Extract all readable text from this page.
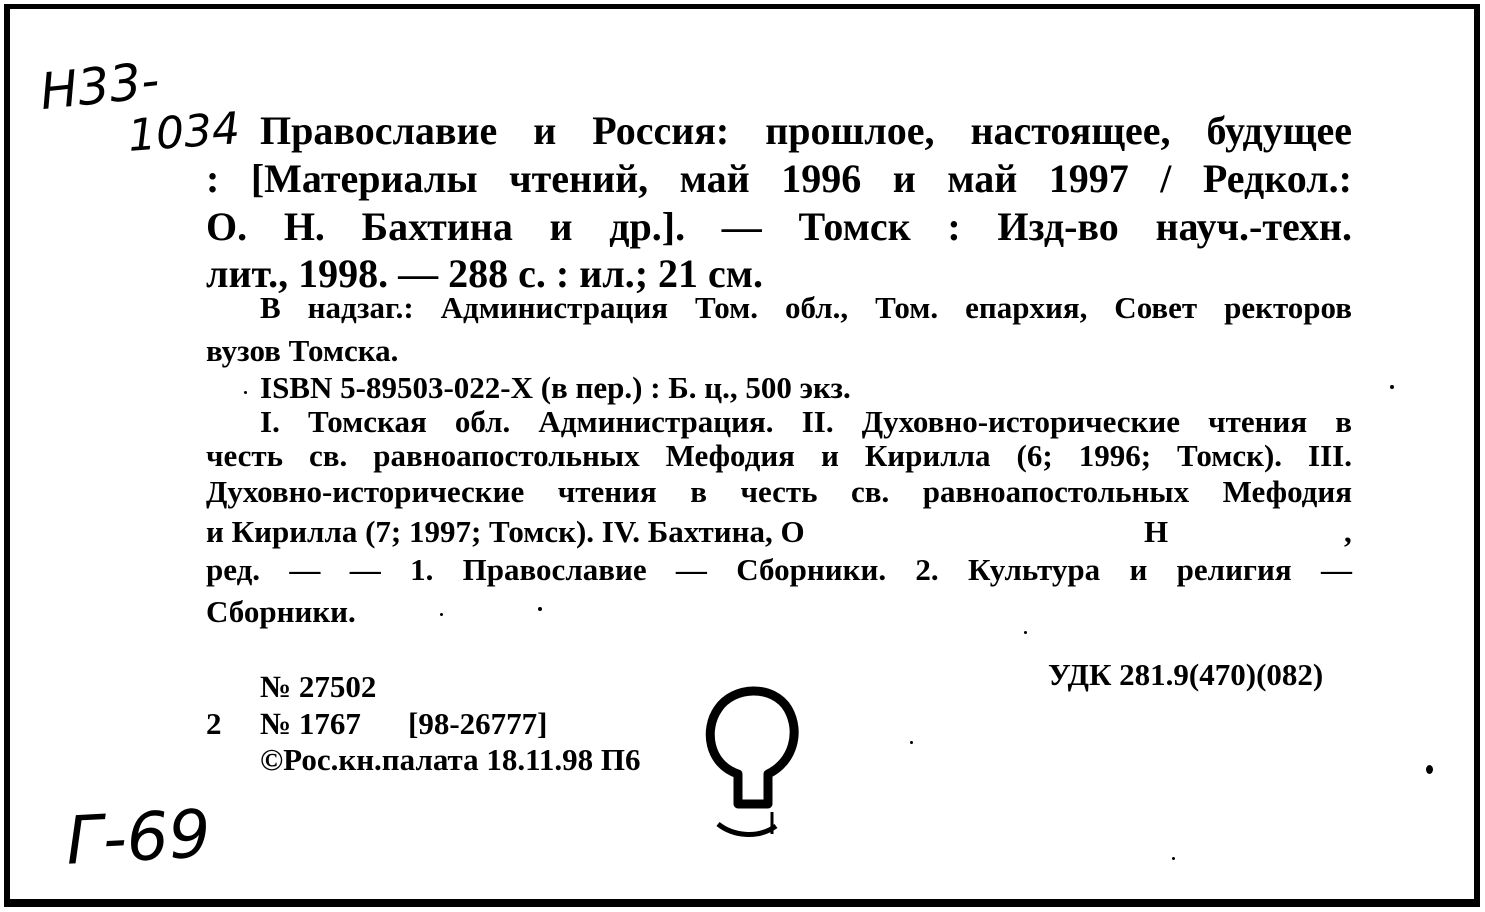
Н33-
1034 Православие и Россия: прошлое, настоящее, будущее
: [Материалы чтений, май 1996 и май 1997 / Редкол.:
О. Н. Бахтина и др.]. — Томск : Изд-во науч.-техн.
лит., 1998. — 288 с. : ил.; 21 см.
В надзаг.: Администрация Том. обл., Том. епархия, Совет ректоров
вузов Томска.
ISBN 5-89503-022-X (в пер.) : Б. ц., 500 экз.
I. Томская обл. Администрация. II. Духовно-исторические чтения в
честь св. равноапостольных Мефодия и Кирилла (6; 1996; Томск). III.
Духовно-исторические чтения в честь св. равноапостольных Мефодия
и Кирилла (7; 1997; Томск). IV. Бахтина, О	Н	,
ред. — — 1. Православие — Сборники. 2. Культура и религия —
Сборники.
№ 27502	УДК 281.9(470)(082)
2 № 1767 [98-26777]
©Рос.кн.палата 18.11.98 П6
Г-69
